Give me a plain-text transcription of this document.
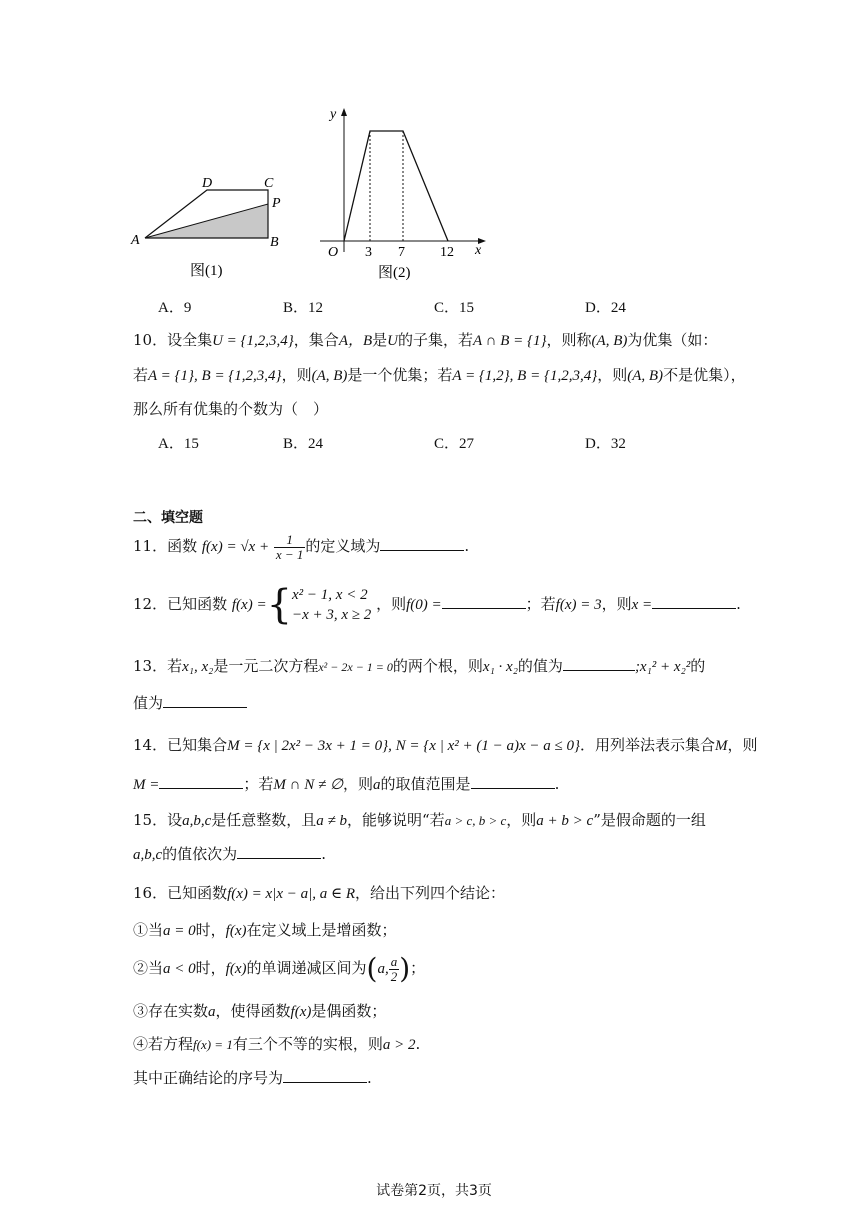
D	C
P
A	B
图(1)
y
x
O 3 7	12
图(2)
A．9	B．12	C．15	D．24
10．设全集U = {1,2,3,4}，集合A，B是U的子集，若A ∩ B = {1}，则称(A, B)为优集（如：
若A = {1}, B = {1,2,3,4}，则(A, B)是一个优集；若A = {1,2}, B = {1,2,3,4}，则(A, B)不是优集），
那么所有优集的个数为（　）
A．15	B．24	C．27	D．32
二、填空题
11．函数 $f(x) = √x + \frac{1}{x - 1}$ 的定义域为	.
12．已知函数 f(x) ={ x² − 1, x < 2
−x + 3, x ≥ 2
，则f(0) =	；若f(x) = 3，则x =	.
13．若x₁, x₂是一元二次方程x² − 2x − 1 = 0的两个根，则x₁ · x₂的值为	;x₁² + x₂²的
值为
14．已知集合M = {x | 2x² − 3x + 1 = 0}, N = {x | x² + (1 − a)x − a ≤ 0}．用列举法表示集合M，则
M =	；若M ∩ N ≠ ∅，则a的取值范围是	.
15．设a,b,c是任意整数，且a ≠ b，能够说明“若a > c, b > c，则a + b > c”是假命题的一组
a,b,c的值依次为	.
16．已知函数f(x) = x|x − a|, a ∈ R，给出下列四个结论：
①当a = 0时，f(x)在定义域上是增函数；
②当a < 0时，f(x)的单调递减区间为(a, $\frac{a}{2}$ )；
③存在实数a，使得函数f(x)是偶函数；
④若方程f(x) = 1有三个不等的实根，则a > 2.
其中正确结论的序号为	.
试卷第2页，共3页
